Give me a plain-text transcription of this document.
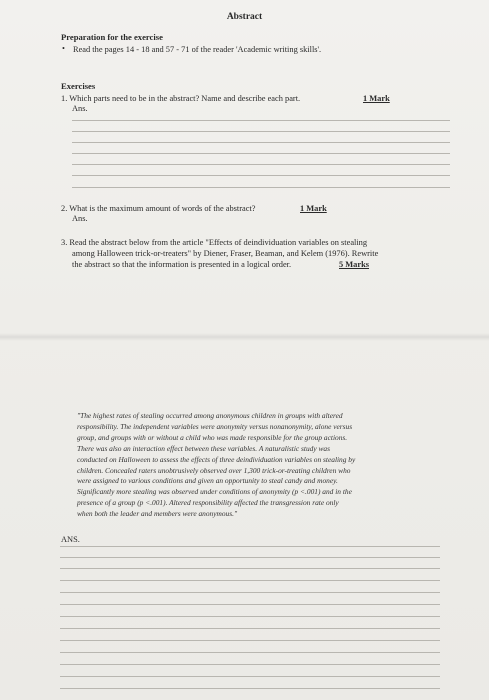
Abstract
Preparation for the exercise
• Read the pages 14 - 18 and 57 - 71 of the reader 'Academic writing skills'.
Exercises
1. Which parts need to be in the abstract? Name and describe each part.	1 Mark
Ans.
2. What is the maximum amount of words of the abstract?	1 Mark
Ans.
3. Read the abstract below from the article "Effects of deindividuation variables on stealing
among Halloween trick-or-treaters" by Diener, Fraser, Beaman, and Kelem (1976). Rewrite
the abstract so that the information is presented in a logical order.	5 Marks
"The highest rates of stealing occurred among anonymous children in groups with altered
responsibility. The independent variables were anonymity versus nonanonymity, alone versus
group, and groups with or without a child who was made responsible for the group actions.
There was also an interaction effect between these variables. A naturalistic study was
conducted on Halloween to assess the effects of three deindividuation variables on stealing by
children. Concealed raters unobtrusively observed over 1,300 trick-or-treating children who
were assigned to various conditions and given an opportunity to steal candy and money.
Significantly more stealing was observed under conditions of anonymity (p <.001) and in the
presence of a group (p <.001). Altered responsibility affected the transgression rate only
when both the leader and members were anonymous."
ANS.
